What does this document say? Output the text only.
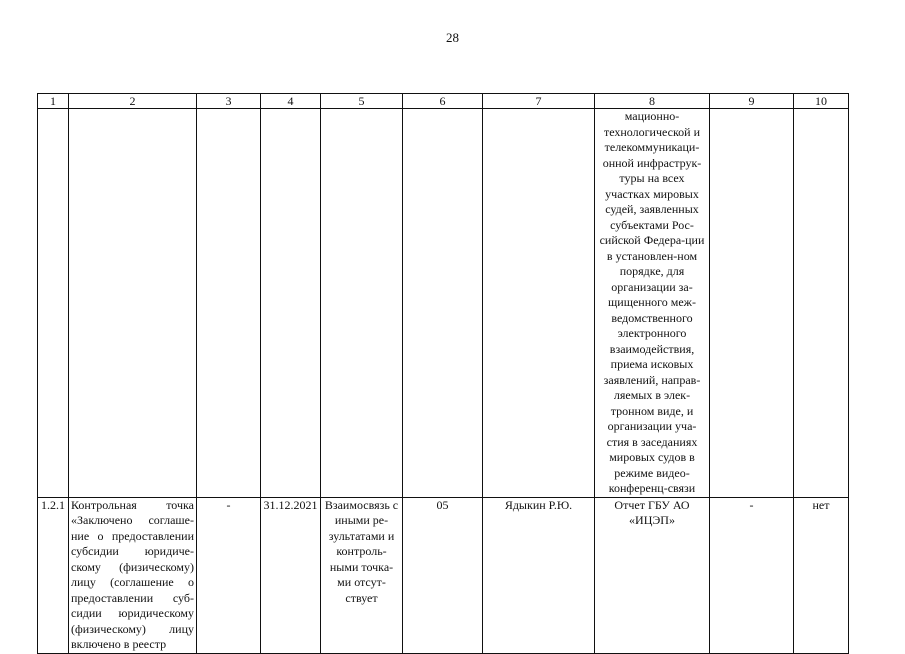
28
1	2	3	4	5	6	7	8	9	10
							мационно-технологической и телекоммуникаци-онной инфраструк-туры на всех участках мировых судей, заявленных субъектами Рос-сийской Федера-ции в установлен-ном порядке, для организации за-щищенного меж-ведомственного электронного взаимодействия, приема исковых заявлений, направ-ляемых в элек-тронном виде, и организации уча-стия в заседаниях мировых судов в режиме видео-конференц-связи		
1.2.1	Контрольная точка «Заключено соглаше-ние о предоставлении субсидии юридиче-скому (физическому) лицу (соглашение о предоставлении суб-сидии юридическому (физическому) лицу включено в реестр	-	31.12.2021	Взаимосвязь с иными ре-зультатами и контроль-ными точка-ми отсут-ствует	05	Ядыкин Р.Ю.	Отчет ГБУ АО «ИЦЭП»	-	нет
